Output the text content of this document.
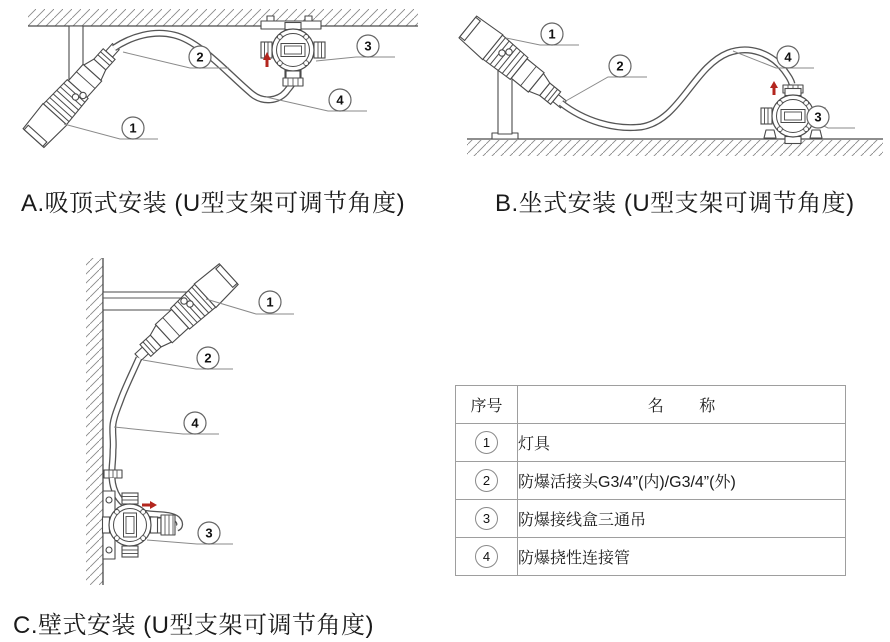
1
2
3
4
1
2
4
3
1
2
4
3
A.吸顶式安装 (U型支架可调节角度)	B.坐式安装 (U型支架可调节角度)
C.壁式安装 (U型支架可调节角度)
序号	名        称
1	灯具
2	防爆活接头G3/4”(内)/G3/4”(外)
3	防爆接线盒三通吊
4	防爆挠性连接管
